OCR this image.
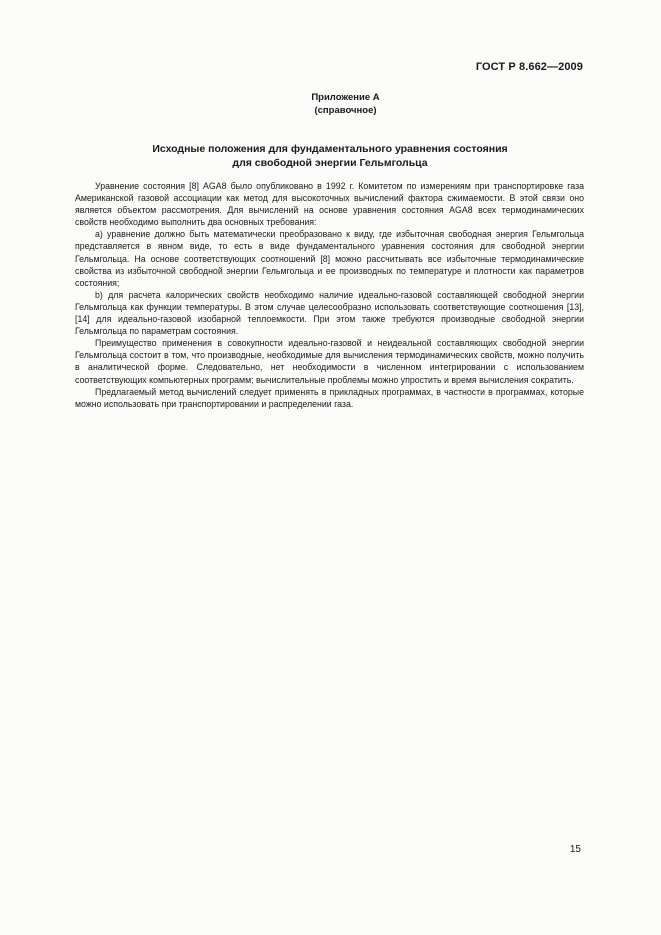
ГОСТ Р 8.662—2009
Приложение А
(справочное)
Исходные положения для фундаментального уравнения состояния
для свободной энергии Гельмгольца

Уравнение состояния [8] AGA8 было опубликовано в 1992 г. Комитетом по измерениям при транспортировке газа Американской газовой ассоциации как метод для высокоточных вычислений фактора сжимаемости. В этой связи оно является объектом рассмотрения. Для вычислений на основе уравнения состояния AGA8 всех термодинамических свойств необходимо выполнить два основных требования:

a) уравнение должно быть математически преобразовано к виду, где избыточная свободная энергия Гельмгольца представляется в явном виде, то есть в виде фундаментального уравнения состояния для свободной энергии Гельмгольца. На основе соответствующих соотношений [8] можно рассчитывать все избыточные термодинамические свойства из избыточной свободной энергии Гельмгольца и ее производных по температуре и плотности как параметров состояния;

b) для расчета калорических свойств необходимо наличие идеально-газовой составляющей свободной энергии Гельмгольца как функции температуры. В этом случае целесообразно использовать соответствующие соотношения [13], [14] для идеально-газовой изобарной теплоемкости. При этом также требуются производные свободной энергии Гельмгольца по параметрам состояния.

Преимущество применения в совокупности идеально-газовой и неидеальной составляющих свободной энергии Гельмгольца состоит в том, что производные, необходимые для вычисления термодинамических свойств, можно получить в аналитической форме. Следовательно, нет необходимости в численном интегрировании с использованием соответствующих компьютерных программ; вычислительные проблемы можно упростить и время вычисления сократить.

Предлагаемый метод вычислений следует применять в прикладных программах, в частности в программах, которые можно использовать при транспортировании и распределении газа.

15
